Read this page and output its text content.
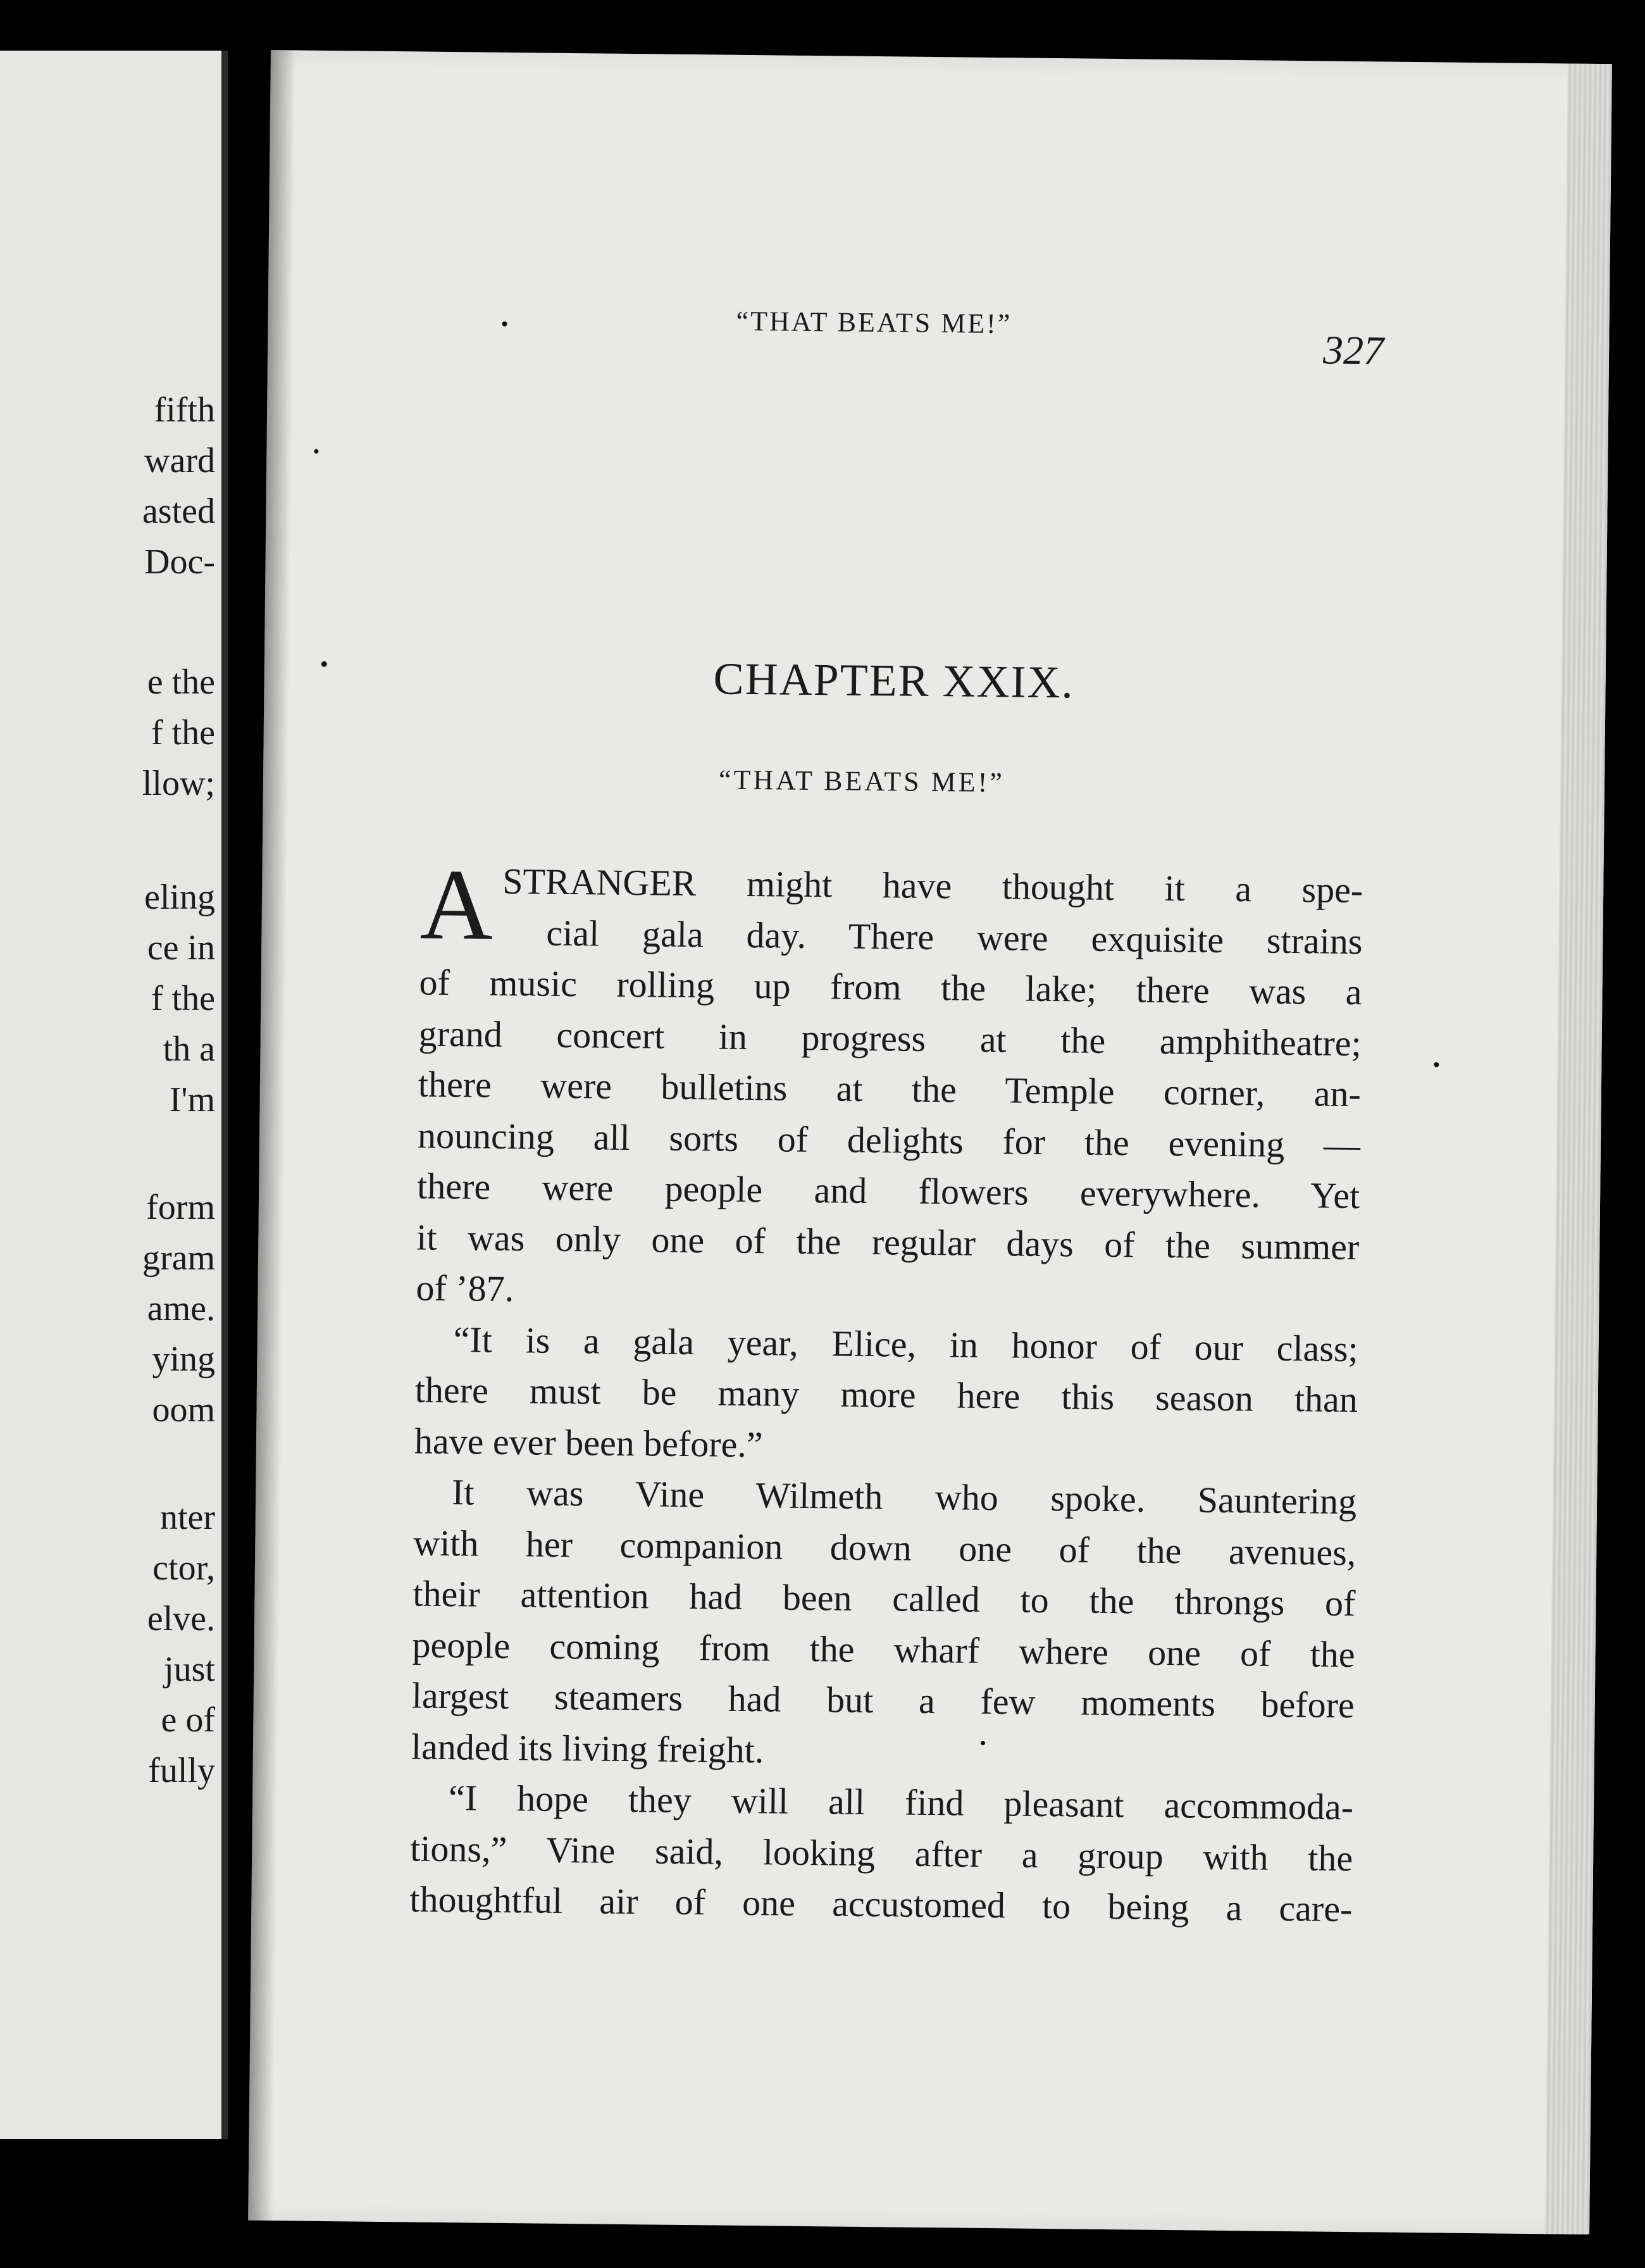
fifth
ward
asted
Doc-
e the
f the
llow;
eling
ce in
f the
th a
I'm
form
gram
ame.
ying
oom
nter
ctor,
elve.
just
e of
fully
“THAT BEATS ME!”
327
CHAPTER XXIX.
“THAT BEATS ME!”
A STRANGER might have thought it a spe-
cial gala day. There were exquisite strains
of music rolling up from the lake; there was a
grand concert in progress at the amphitheatre;
there were bulletins at the Temple corner, an-
nouncing all sorts of delights for the evening —
there were people and flowers everywhere. Yet
it was only one of the regular days of the summer
of ’87.
“It is a gala year, Elice, in honor of our class;
there must be many more here this season than
have ever been before.”
It was Vine Wilmeth who spoke. Sauntering
with her companion down one of the avenues,
their attention had been called to the throngs of
people coming from the wharf where one of the
largest steamers had but a few moments before
landed its living freight.
“I hope they will all find pleasant accommoda-
tions,” Vine said, looking after a group with the
thoughtful air of one accustomed to being a care-
